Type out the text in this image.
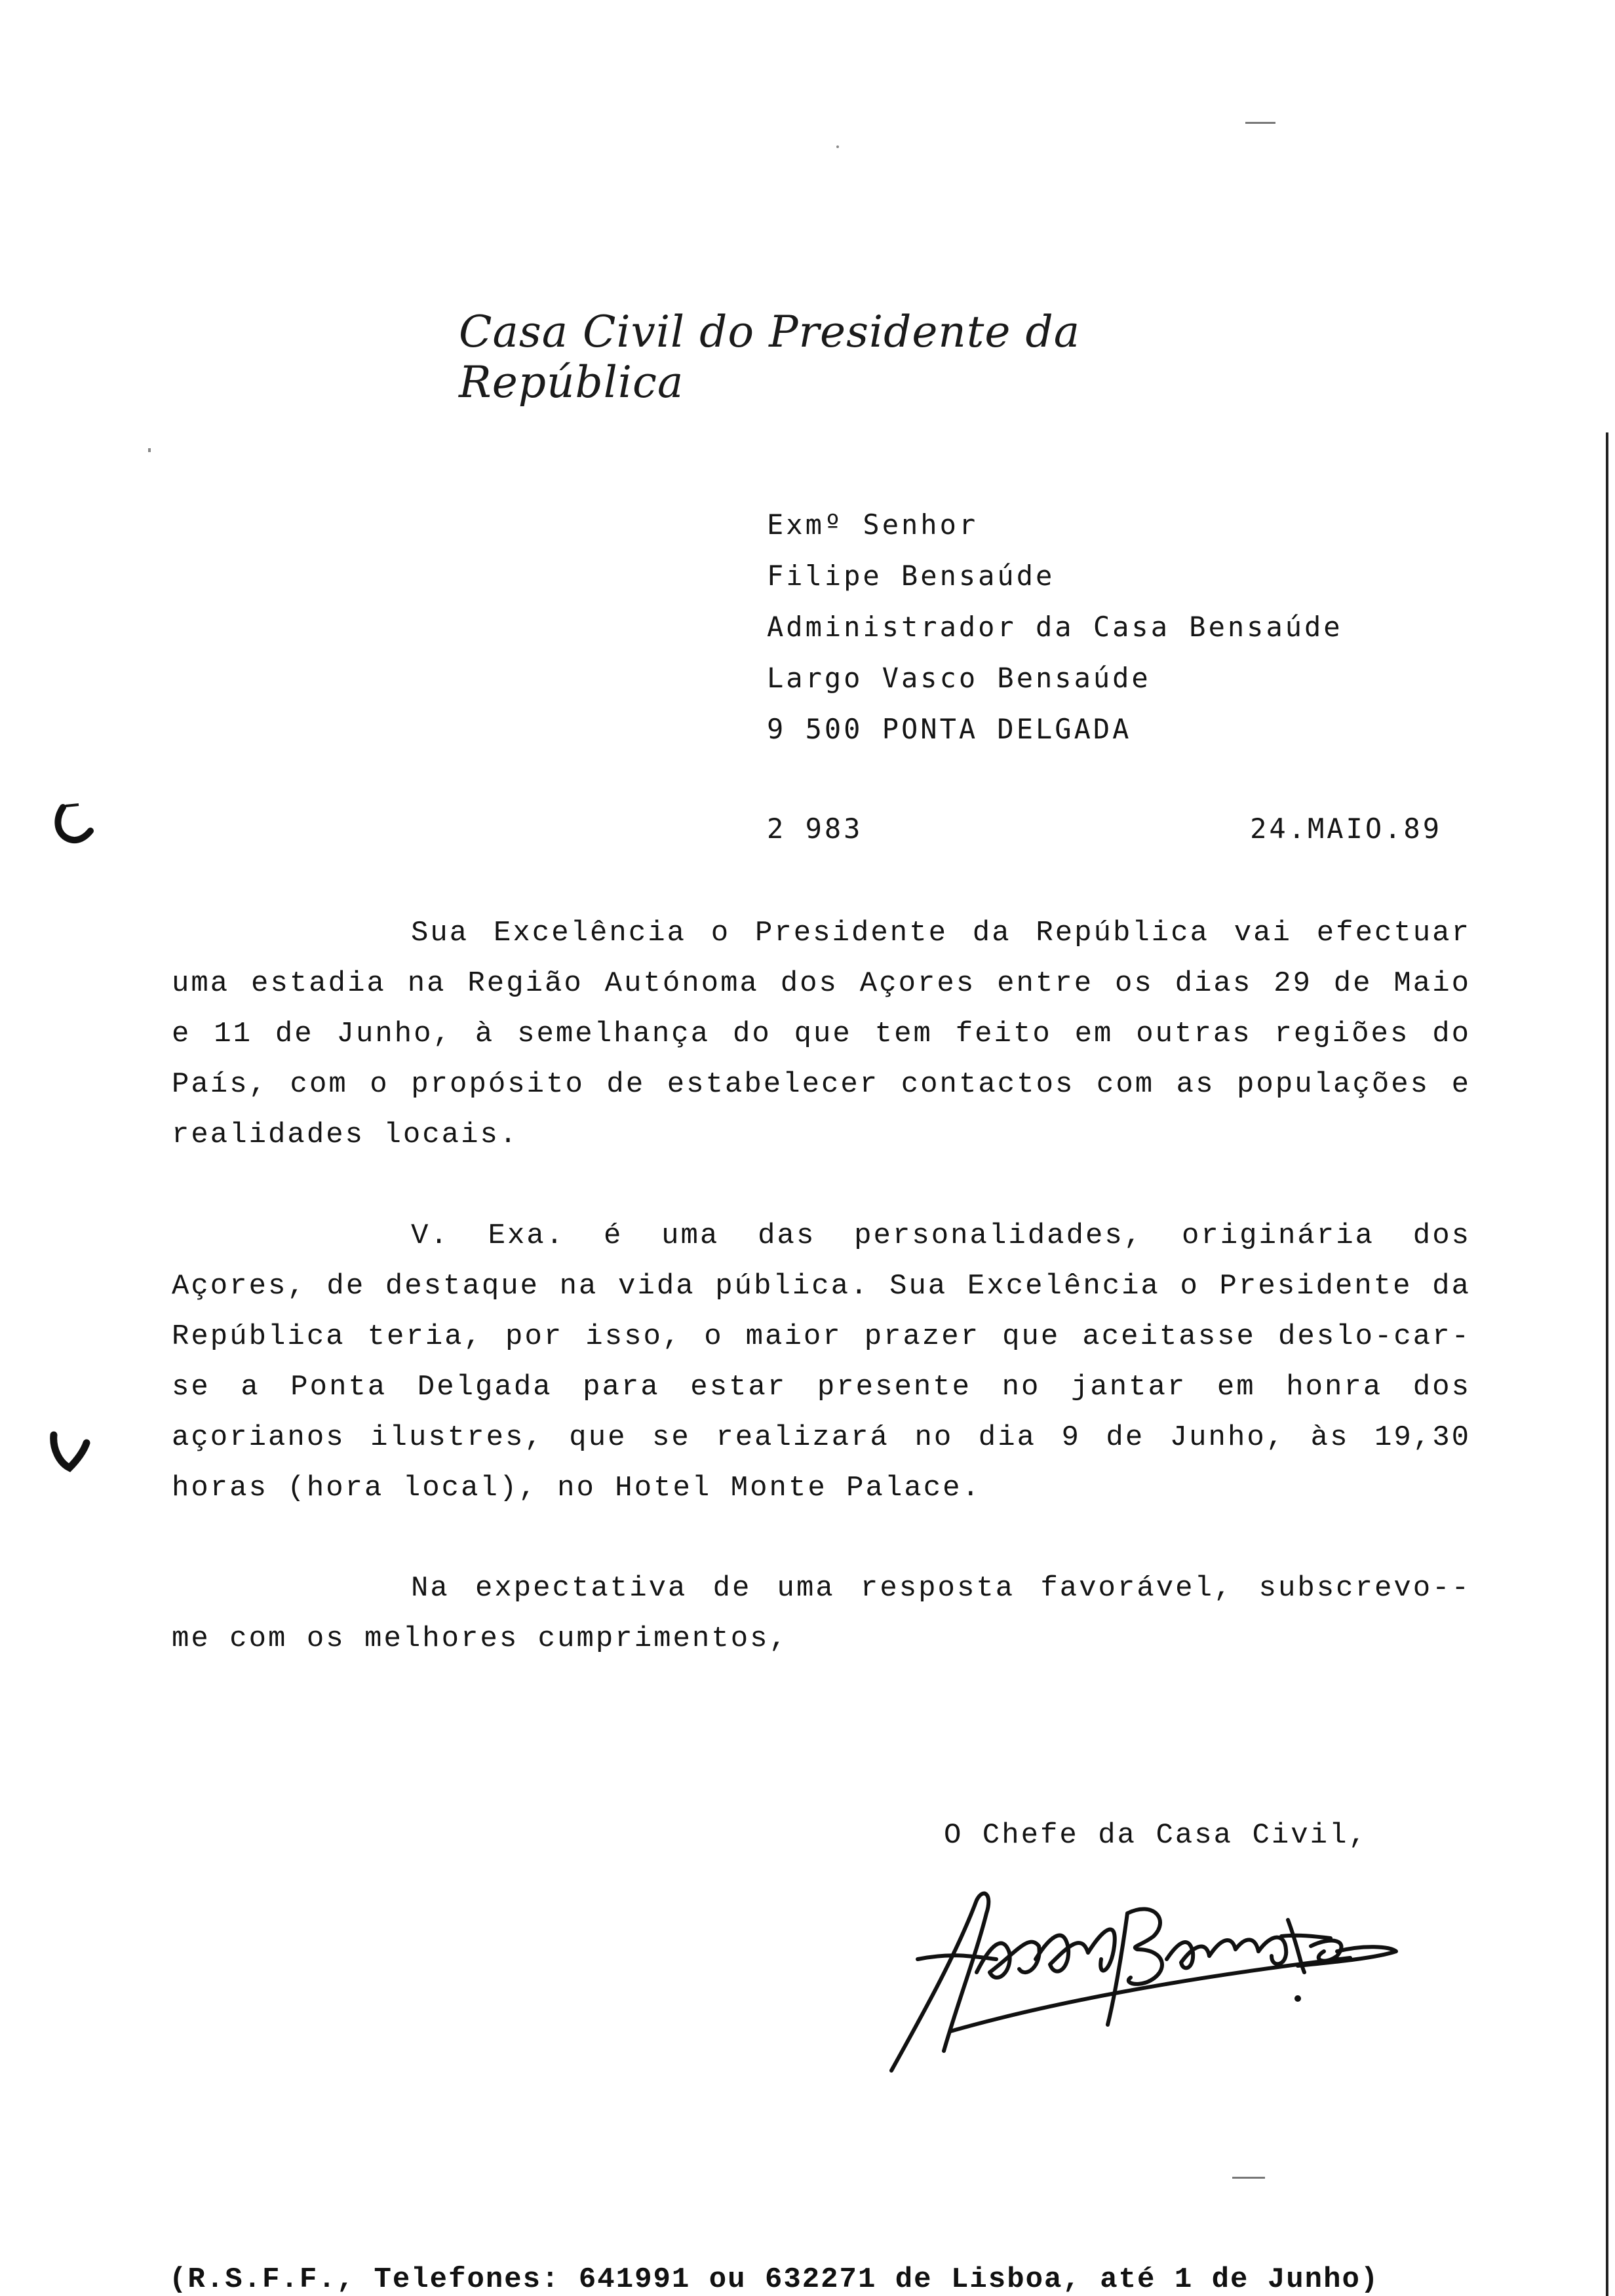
Casa Civil do Presidente da República
Exmº Senhor
Filipe Bensaúde
Administrador da Casa Bensaúde
Largo Vasco Bensaúde
9 500 PONTA DELGADA
2 983	24.MAIO.89
Sua Excelência o Presidente da República vai efectuar uma estadia na Região Autónoma dos Açores entre os dias 29 de Maio e 11 de Junho, à semelhança do que tem feito em outras regiões do País, com o propósito de estabelecer contactos com as populações e realidades locais.
V. Exa. é uma das personalidades, originária dos Açores, de destaque na vida pública. Sua Excelência o Presidente da República teria, por isso, o maior prazer que aceitasse deslo-car-se a Ponta Delgada para estar presente no jantar em honra dos açorianos ilustres, que se realizará no dia 9 de Junho, às 19,30 horas (hora local), no Hotel Monte Palace.
Na expectativa de uma resposta favorável, subscrevo--me com os melhores cumprimentos,
O Chefe da Casa Civil,
(R.S.F.F., Telefones: 641991 ou 632271 de Lisboa, até 1 de Junho)
